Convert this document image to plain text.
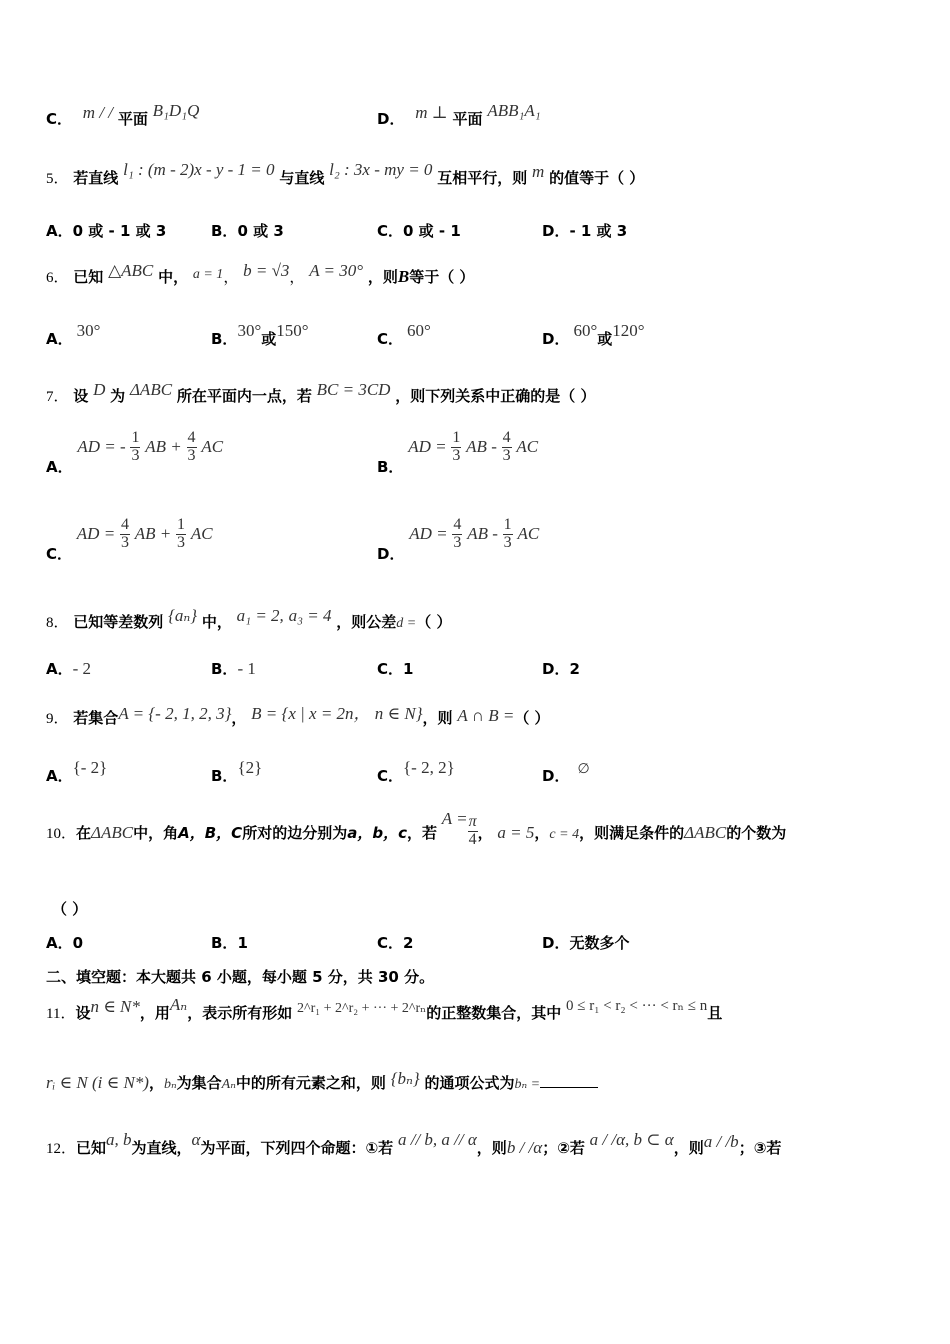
C． m / / 平面 B₁D₁Q	D． m ⊥ 平面 ABB₁A₁
5． 若直线 l₁ : (m - 2)x - y - 1 = 0 与直线 l₂ : 3x - my = 0 互相平行，则 m 的值等于（ ）
A．0 或 - 1 或 3	B．0 或 3	C．0 或 - 1	D．- 1 或 3
6． 已知 △ABC 中， a = 1， b = √3， A = 30° ，则B等于（ ）
A． 30°	B．30°或150°	C． 60°	D． 60°或120°
7． 设 D 为 ΔABC 所在平面内一点，若 BC = 3CD ，则下列关系中正确的是（ ）
A． AD = - $\frac{1}{3}$ AB + $\frac{4}{3}$ AC
B． AD = $\frac{1}{3}$ AB - $\frac{4}{3}$ AC
C． AD = $\frac{4}{3}$ AB + $\frac{1}{3}$ AC
D． AD = $\frac{4}{3}$ AB - $\frac{1}{3}$ AC
8． 已知等差数列 {aₙ} 中， a₁ = 2, a₃ = 4 ，则公差d =（ ）
A．- 2	B．- 1	C．1	D．2
9． 若集合A = {- 2, 1, 2, 3}， B = {x | x = 2n， n ∈ N}，则 A ∩ B =（ ）
A．{- 2}	B．{2}	C．{- 2, 2}	D． ∅
10．在ΔABC中，角A，B，C所对的边分别为a，b，c，若 $A = \frac{\pi}{4}$ ， a = 5，c = 4，则满足条件的ΔABC的个数为
（ ）
A．0	B．1	C．2	D．无数多个
二、填空题：本大题共 6 小题，每小题 5 分，共 30 分。
11．设n ∈ N*，用Aₙ，表示所有形如 2^r₁ + 2^r₂ + ··· + 2^rₙ的正整数集合，其中 0 ≤ r₁ < r₂ < ··· < rₙ ≤ n且
rᵢ ∈ N (i ∈ N*)，bₙ为集合Aₙ中的所有元素之和，则 {bₙ} 的通项公式为bₙ =
12．已知a, b为直线，α为平面，下列四个命题：①若 a // b, a // α，则b / /α；②若 a / /α, b ⊂ α，则a / /b；③若
